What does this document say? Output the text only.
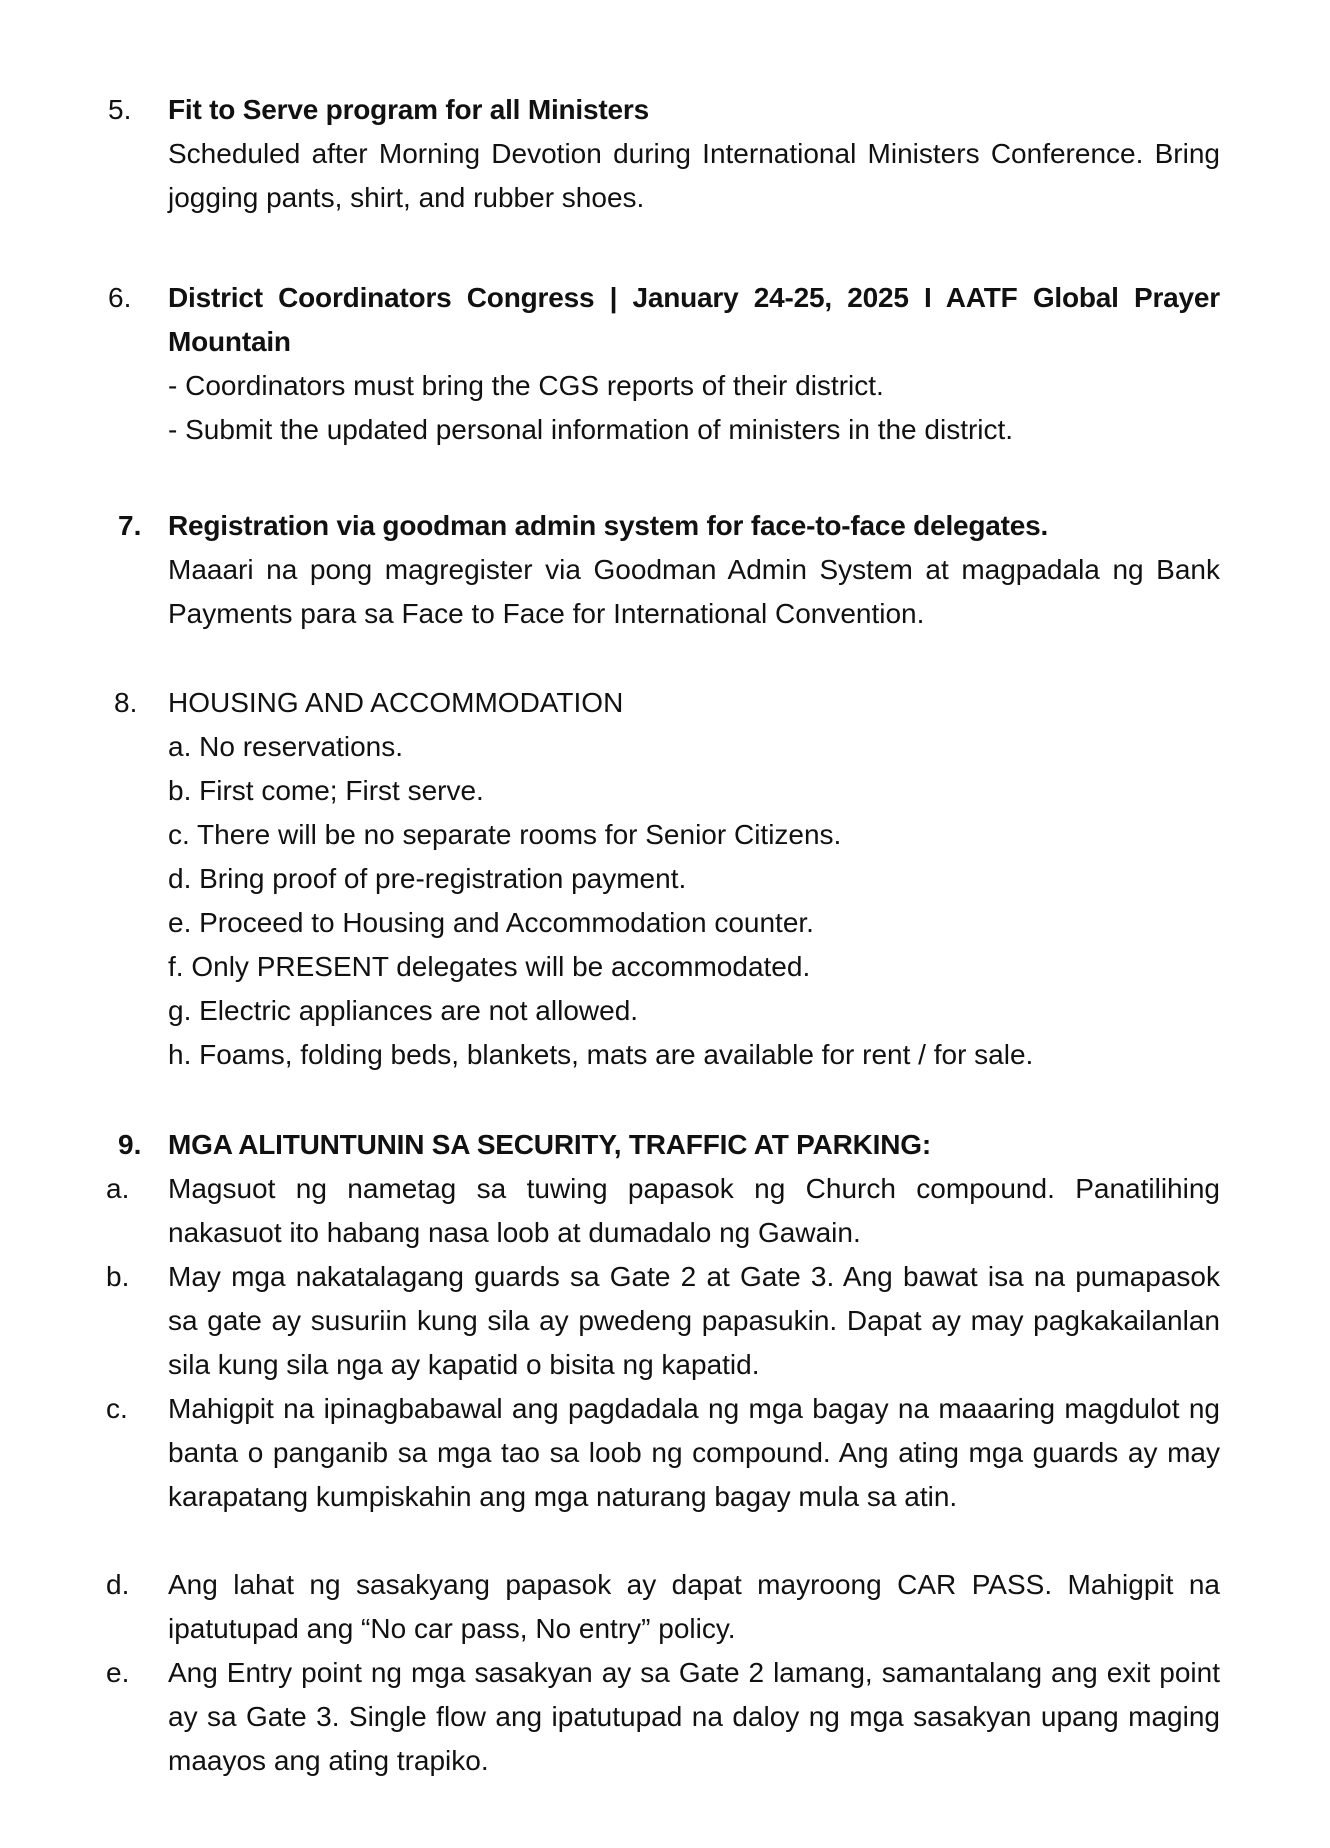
5. Fit to Serve program for all Ministers
Scheduled after Morning Devotion during International Ministers Conference. Bring jogging pants, shirt, and rubber shoes.
6. District Coordinators Congress | January 24-25, 2025 I AATF Global Prayer Mountain
- Coordinators must bring the CGS reports of their district.
- Submit the updated personal information of ministers in the district.
7. Registration via goodman admin system for face-to-face delegates.
Maaari na pong magregister via Goodman Admin System at magpadala ng Bank Payments para sa Face to Face for International Convention.
8. HOUSING AND ACCOMMODATION
a. No reservations.
b. First come; First serve.
c. There will be no separate rooms for Senior Citizens.
d. Bring proof of pre-registration payment.
e. Proceed to Housing and Accommodation counter.
f. Only PRESENT delegates will be accommodated.
g. Electric appliances are not allowed.
h. Foams, folding beds, blankets, mats are available for rent / for sale.
9. MGA ALITUNTUNIN SA SECURITY, TRAFFIC AT PARKING:
a. Magsuot ng nametag sa tuwing papasok ng Church compound. Panatilihing nakasuot ito habang nasa loob at dumadalo ng Gawain.
b. May mga nakatalagang guards sa Gate 2 at Gate 3. Ang bawat isa na pumapasok sa gate ay susuriin kung sila ay pwedeng papasukin. Dapat ay may pagkakailanlan sila kung sila nga ay kapatid o bisita ng kapatid.
c. Mahigpit na ipinagbabawal ang pagdadala ng mga bagay na maaaring magdulot ng banta o panganib sa mga tao sa loob ng compound. Ang ating mga guards ay may karapatang kumpiskahin ang mga naturang bagay mula sa atin.
d. Ang lahat ng sasakyang papasok ay dapat mayroong CAR PASS. Mahigpit na ipatutupad ang “No car pass, No entry” policy.
e. Ang Entry point ng mga sasakyan ay sa Gate 2 lamang, samantalang ang exit point ay sa Gate 3. Single flow ang ipatutupad na daloy ng mga sasakyan upang maging maayos ang ating trapiko.
